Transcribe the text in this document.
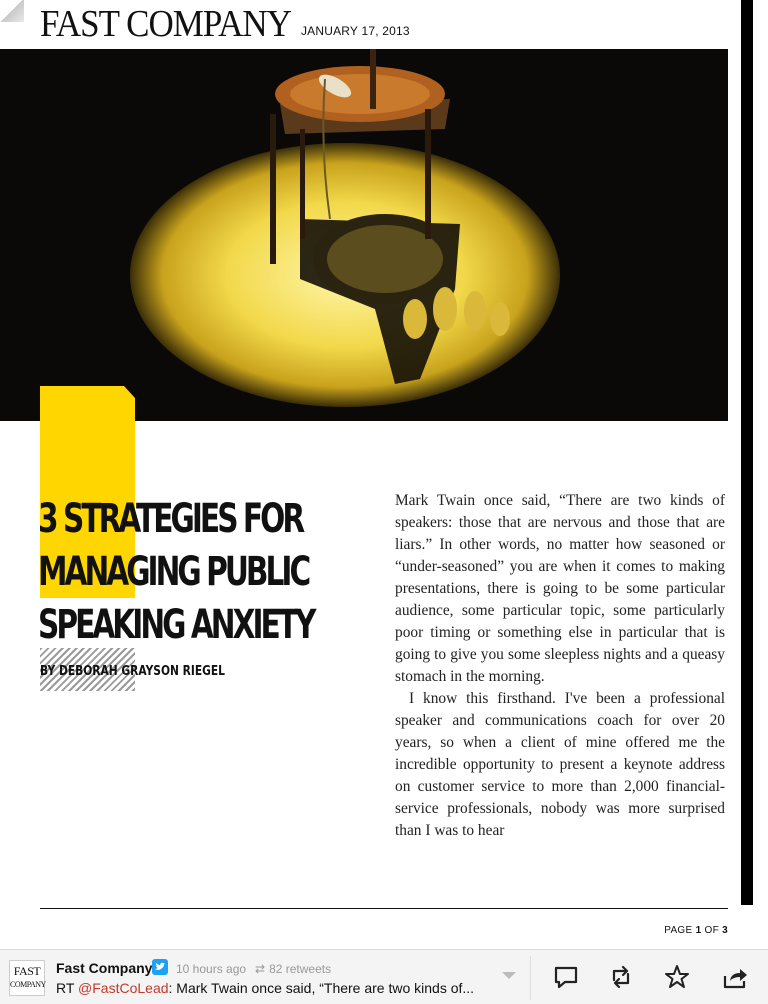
FAST COMPANY JANUARY 17, 2013
3 STRATEGIES FOR
MANAGING PUBLIC
SPEAKING ANXIETY
BY DEBORAH GRAYSON RIEGEL

Mark Twain once said, “There are two kinds of speakers: those that are nervous and those that are liars.” In other words, no matter how seasoned or “under-seasoned” you are when it comes to making presentations, there is going to be some particular audience, some particular topic, some particularly poor timing or something else in particular that is going to give you some sleepless nights and a queasy stomach in the morning.

I know this firsthand. I've been a professional speaker and communications coach for over 20 years, so when a client of mine offered me the incredible opportunity to present a keynote address on customer service to more than 2,000 financial-service professionals, nobody was more surprised than I was to hear

PAGE 1 OF 3
FAST
COMPANY
Fast Company 10 hours ago ⇄ 82 retweets
RT @FastCoLead: Mark Twain once said, “There are two kinds of...
